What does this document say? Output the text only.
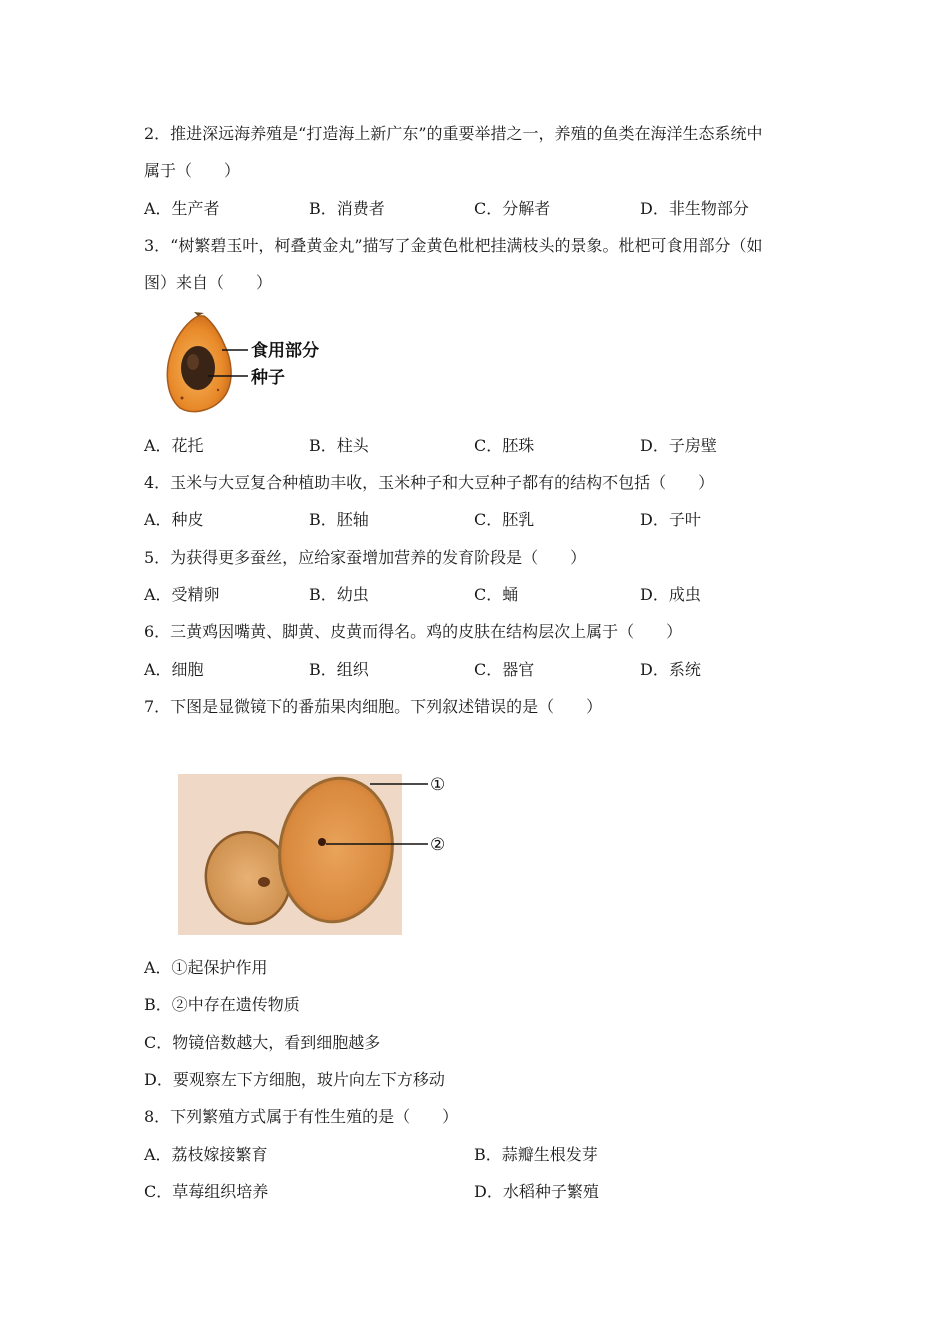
2．推进深远海养殖是“打造海上新广东”的重要举措之一，养殖的鱼类在海洋生态系统中
属于（　　）
A．生产者	B．消费者	C．分解者	D．非生物部分
3．“树繁碧玉叶，柯叠黄金丸”描写了金黄色枇杷挂满枝头的景象。枇杷可食用部分（如
图）来自（　　）
食用部分
种子
A．花托	B．柱头	C．胚珠	D．子房壁
4．玉米与大豆复合种植助丰收，玉米种子和大豆种子都有的结构不包括（　　）
A．种皮	B．胚轴	C．胚乳	D．子叶
5．为获得更多蚕丝，应给家蚕增加营养的发育阶段是（　　）
A．受精卵	B．幼虫	C．蛹	D．成虫
6．三黄鸡因嘴黄、脚黄、皮黄而得名。鸡的皮肤在结构层次上属于（　　）
A．细胞	B．组织	C．器官	D．系统
7．下图是显微镜下的番茄果肉细胞。下列叙述错误的是（　　）
①
②
A．①起保护作用
B．②中存在遗传物质
C．物镜倍数越大，看到细胞越多
D．要观察左下方细胞，玻片向左下方移动
8．下列繁殖方式属于有性生殖的是（　　）
A．荔枝嫁接繁育	B．蒜瓣生根发芽
C．草莓组织培养	D．水稻种子繁殖
